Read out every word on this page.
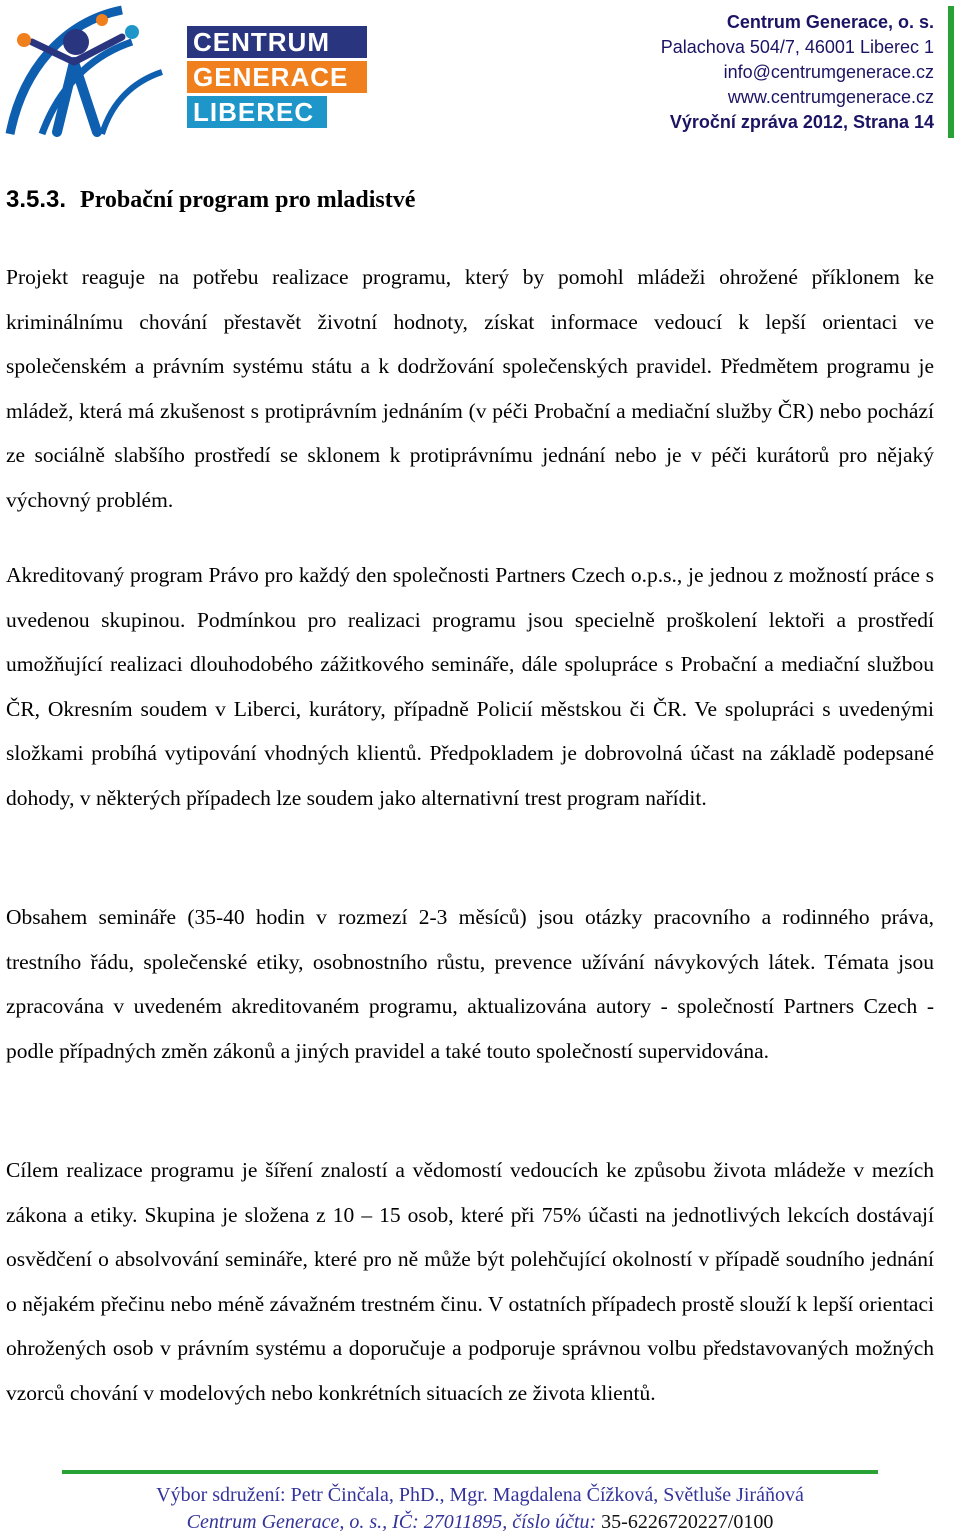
CENTRUM
GENERACE
LIBEREC
Centrum Generace, o. s.
Palachova 504/7, 46001 Liberec 1
info@centrumgenerace.cz
www.centrumgenerace.cz
Výroční zpráva 2012, Strana 14
3.5.3. Probační program pro mladistvé

Projekt reaguje na potřebu realizace programu, který by pomohl mládeži ohrožené příklonem ke kriminálnímu chování přestavět životní hodnoty, získat informace vedoucí k lepší orientaci ve společenském a právním systému státu a k dodržování společenských pravidel. Předmětem programu je mládež, která má zkušenost s protiprávním jednáním (v péči Probační a mediační služby ČR) nebo pochází ze sociálně slabšího prostředí se sklonem k protiprávnímu jednání nebo je v péči kurátorů pro nějaký výchovný problém.

Akreditovaný program Právo pro každý den společnosti Partners Czech o.p.s., je jednou z možností práce s uvedenou skupinou. Podmínkou pro realizaci programu jsou specielně proškolení lektoři a prostředí umožňující realizaci dlouhodobého zážitkového semináře, dále spolupráce s Probační a mediační službou ČR, Okresním soudem v Liberci, kurátory, případně Policií městskou či ČR. Ve spolupráci s uvedenými složkami probíhá vytipování vhodných klientů. Předpokladem je dobrovolná účast na základě podepsané dohody, v některých případech lze soudem jako alternativní trest program nařídit.

Obsahem semináře (35-40 hodin v rozmezí 2-3 měsíců) jsou otázky pracovního a rodinného práva, trestního řádu, společenské etiky, osobnostního růstu, prevence užívání návykových látek. Témata jsou zpracována v uvedeném akreditovaném programu, aktualizována autory - společností Partners Czech - podle případných změn zákonů a jiných pravidel a také touto společností supervidována.

Cílem realizace programu je šíření znalostí a vědomostí vedoucích ke způsobu života mládeže v mezích zákona a etiky. Skupina je složena z 10 – 15 osob, které při 75% účasti na jednotlivých lekcích dostávají osvědčení o absolvování semináře, které pro ně může být polehčující okolností v případě soudního jednání o nějakém přečinu nebo méně závažném trestném činu. V ostatních případech prostě slouží k lepší orientaci ohrožených osob v právním systému a doporučuje a podporuje správnou volbu představovaných možných vzorců chování v modelových nebo konkrétních situacích ze života klientů.

Výbor sdružení: Petr Činčala, PhD., Mgr. Magdalena Čížková, Světluše Jiráňová
Centrum Generace, o. s., IČ: 27011895, číslo účtu: 35-6226720227/0100
